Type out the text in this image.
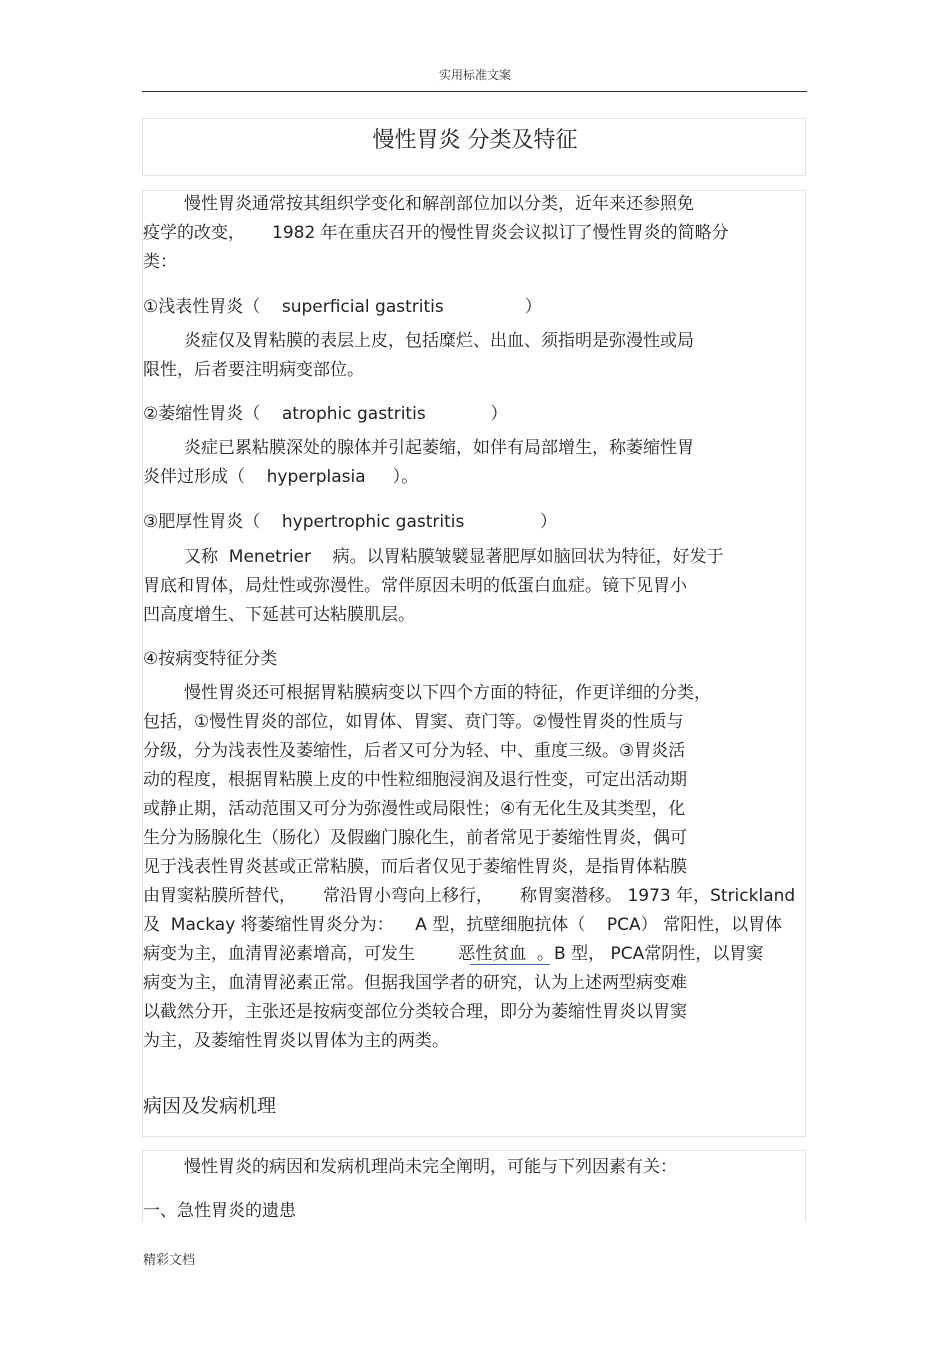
实用标准文案
慢性胃炎 分类及特征
慢性胃炎通常按其组织学变化和解剖部位加以分类，近年来还参照免
疫学的改变，     1982 年在重庆召开的慢性胃炎会议拟订了慢性胃炎的简略分
类：
①浅表性胃炎（    superficial gastritis               ）
炎症仅及胃粘膜的表层上皮，包括糜烂、出血、须指明是弥漫性或局
限性，后者要注明病变部位。
②萎缩性胃炎（    atrophic gastritis            ）
炎症已累粘膜深处的腺体并引起萎缩，如伴有局部增生，称萎缩性胃
炎伴过形成（    hyperplasia     ）。
③肥厚性胃炎（    hypertrophic gastritis              ）
又称  Menetrier    病。以胃粘膜皱襞显著肥厚如脑回状为特征，好发于
胃底和胃体，局灶性或弥漫性。常伴原因未明的低蛋白血症。镜下见胃小
凹高度增生、下延甚可达粘膜肌层。
④按病变特征分类
慢性胃炎还可根据胃粘膜病变以下四个方面的特征，作更详细的分类，
包括，①慢性胃炎的部位，如胃体、胃窦、贲门等。②慢性胃炎的性质与
分级，分为浅表性及萎缩性，后者又可分为轻、中、重度三级。③胃炎活
动的程度，根据胃粘膜上皮的中性粒细胞浸润及退行性变，可定出活动期
或静止期，活动范围又可分为弥漫性或局限性；④有无化生及其类型，化
生分为肠腺化生（肠化）及假幽门腺化生，前者常见于萎缩性胃炎，偶可
见于浅表性胃炎甚或正常粘膜，而后者仅见于萎缩性胃炎，是指胃体粘膜
由胃窦粘膜所替代，     常沿胃小弯向上移行，     称胃窦潜移。 1973 年，Strickland
及  Mackay 将萎缩性胃炎分为：    A 型，抗壁细胞抗体（    PCA） 常阳性，以胃体
病变为主，血清胃泌素增高，可发生        恶性贫血  。B 型， PCA常阴性，以胃窦
病变为主，血清胃泌素正常。但据我国学者的研究，认为上述两型病变难
以截然分开，主张还是按病变部位分类较合理，即分为萎缩性胃炎以胃窦
为主，及萎缩性胃炎以胃体为主的两类。
病因及发病机理
慢性胃炎的病因和发病机理尚未完全阐明，可能与下列因素有关：
一、急性胃炎的遗患
精彩文档
